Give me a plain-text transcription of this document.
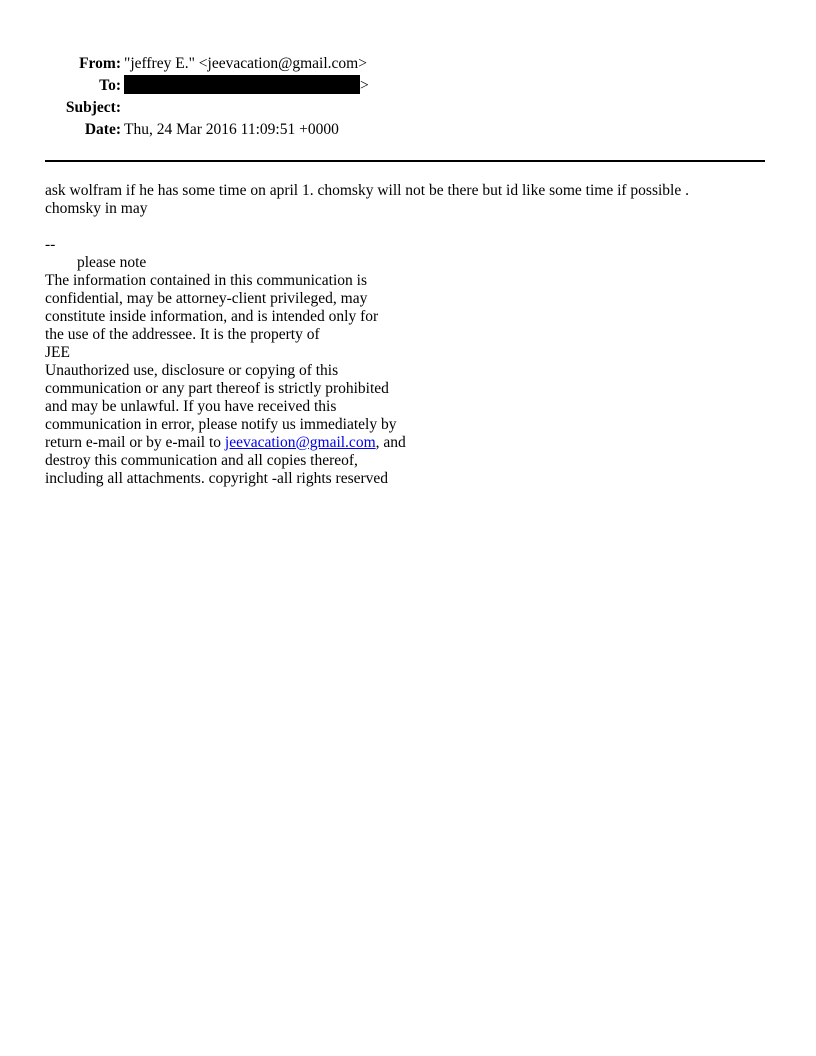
From: "jeffrey E." <jeevacation@gmail.com>
To:	>
Subject:
Date: Thu, 24 Mar 2016 11:09:51 +0000

ask wolfram if he has some time on april 1. chomsky will not be there but id like some time if possible .

chomsky in may

--

please note

The information contained in this communication is

confidential, may be attorney-client privileged, may

constitute inside information, and is intended only for

the use of the addressee. It is the property of

JEE

Unauthorized use, disclosure or copying of this

communication or any part thereof is strictly prohibited

and may be unlawful. If you have received this

communication in error, please notify us immediately by

return e-mail or by e-mail to jeevacation@gmail.com, and

destroy this communication and all copies thereof,

including all attachments. copyright -all rights reserved
